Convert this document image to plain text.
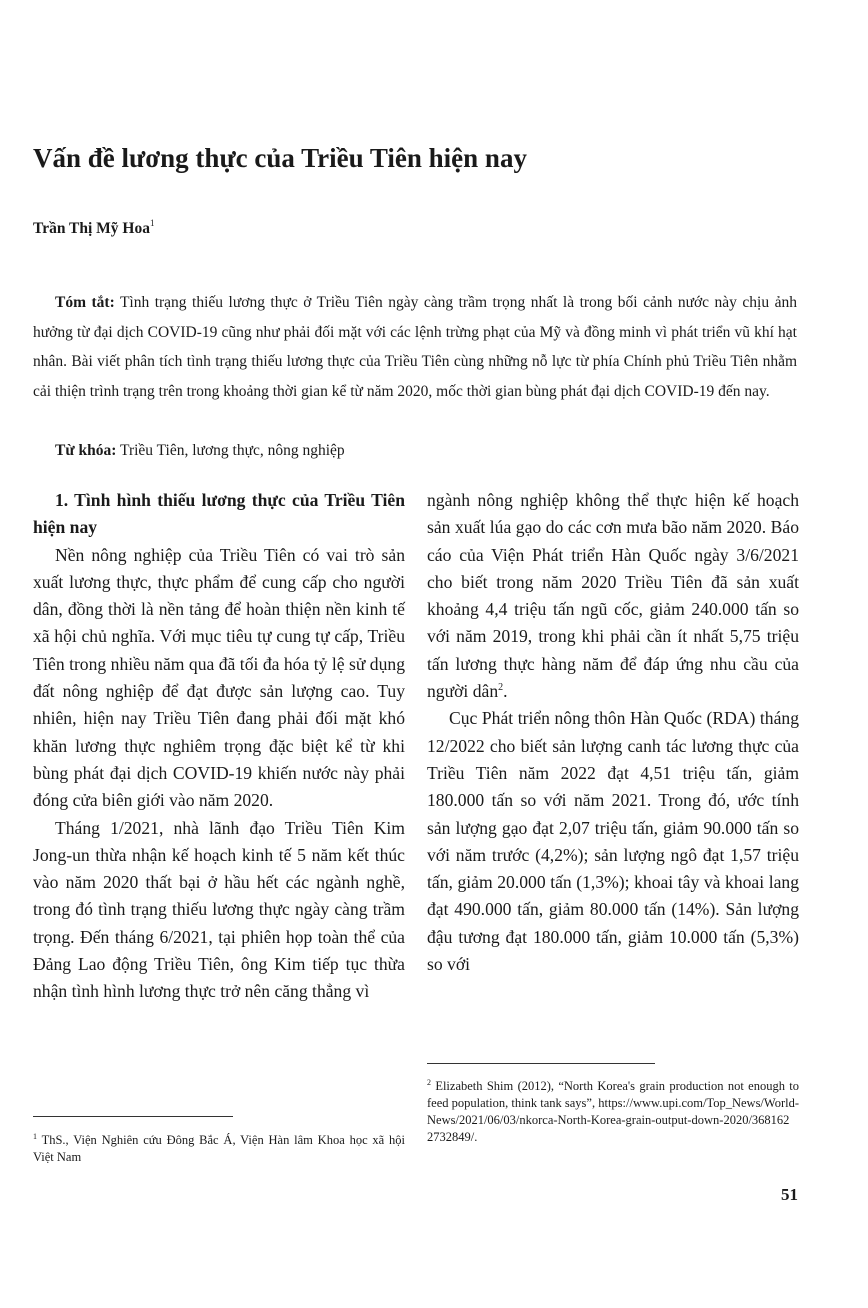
Vấn đề lương thực của Triều Tiên hiện nay
Trần Thị Mỹ Hoa$^1$

Tóm tắt: Tình trạng thiếu lương thực ở Triều Tiên ngày càng trầm trọng nhất là trong bối cảnh nước này chịu ảnh hưởng từ đại dịch COVID-19 cũng như phải đối mặt với các lệnh trừng phạt của Mỹ và đồng minh vì phát triển vũ khí hạt nhân. Bài viết phân tích tình trạng thiếu lương thực của Triều Tiên cùng những nỗ lực từ phía Chính phủ Triều Tiên nhằm cải thiện trình trạng trên trong khoảng thời gian kể từ năm 2020, mốc thời gian bùng phát đại dịch COVID-19 đến nay.

Từ khóa: Triều Tiên, lương thực, nông nghiệp

1. Tình hình thiếu lương thực của Triều Tiên hiện nay

Nền nông nghiệp của Triều Tiên có vai trò sản xuất lương thực, thực phẩm để cung cấp cho người dân, đồng thời là nền tảng để hoàn thiện nền kinh tế xã hội chủ nghĩa. Với mục tiêu tự cung tự cấp, Triều Tiên trong nhiều năm qua đã tối đa hóa tỷ lệ sử dụng đất nông nghiệp để đạt được sản lượng cao. Tuy nhiên, hiện nay Triều Tiên đang phải đối mặt khó khăn lương thực nghiêm trọng đặc biệt kể từ khi bùng phát đại dịch COVID-19 khiến nước này phải đóng cửa biên giới vào năm 2020.

Tháng 1/2021, nhà lãnh đạo Triều Tiên Kim Jong-un thừa nhận kế hoạch kinh tế 5 năm kết thúc vào năm 2020 thất bại ở hầu hết các ngành nghề, trong đó tình trạng thiếu lương thực ngày càng trầm trọng. Đến tháng 6/2021, tại phiên họp toàn thể của Đảng Lao động Triều Tiên, ông Kim tiếp tục thừa nhận tình hình lương thực trở nên căng thẳng vì

ngành nông nghiệp không thể thực hiện kế hoạch sản xuất lúa gạo do các cơn mưa bão năm 2020. Báo cáo của Viện Phát triển Hàn Quốc ngày 3/6/2021 cho biết trong năm 2020 Triều Tiên đã sản xuất khoảng 4,4 triệu tấn ngũ cốc, giảm 240.000 tấn so với năm 2019, trong khi phải cần ít nhất 5,75 triệu tấn lương thực hàng năm để đáp ứng nhu cầu của người dân$^2$.

Cục Phát triển nông thôn Hàn Quốc (RDA) tháng 12/2022 cho biết sản lượng canh tác lương thực của Triều Tiên năm 2022 đạt 4,51 triệu tấn, giảm 180.000 tấn so với năm 2021. Trong đó, ước tính sản lượng gạo đạt 2,07 triệu tấn, giảm 90.000 tấn so với năm trước (4,2%); sản lượng ngô đạt 1,57 triệu tấn, giảm 20.000 tấn (1,3%); khoai tây và khoai lang đạt 490.000 tấn, giảm 80.000 tấn (14%). Sản lượng đậu tương đạt 180.000 tấn, giảm 10.000 tấn (5,3%) so với

$^1$ ThS., Viện Nghiên cứu Đông Bắc Á, Viện Hàn lâm Khoa học xã hội Việt Nam

$^2$ Elizabeth Shim (2012), “North Korea's grain production not enough to feed population, think tank says”, https://www.upi.com/Top_News/World-News/2021/06/03/nkorca-North-Korea-grain-output-down-2020/368162 2732849/.

51
